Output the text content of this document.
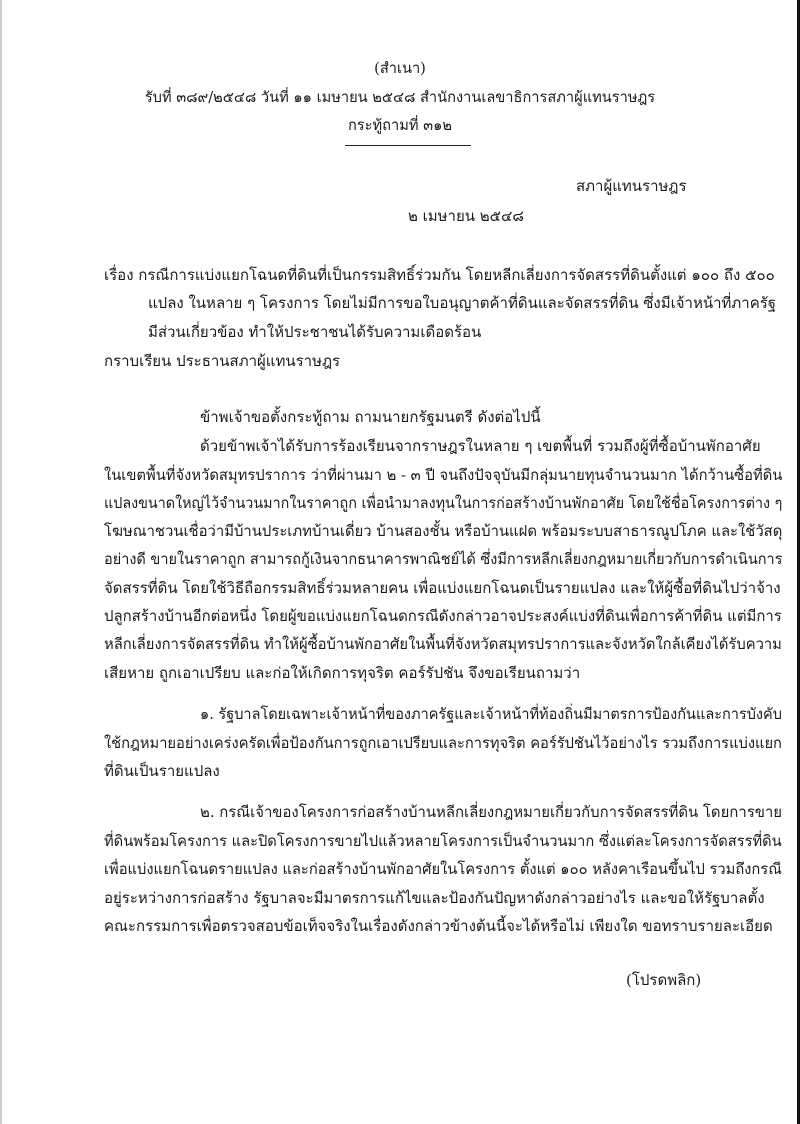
(สำเนา)
รับที่ ๓๘๙/๒๕๔๘ วันที่ ๑๑ เมษายน ๒๕๔๘ สำนักงานเลขาธิการสภาผู้แทนราษฎร
กระทู้ถามที่ ๓๑๒
สภาผู้แทนราษฎร
๒ เมษายน ๒๕๔๘
เรื่อง กรณีการแบ่งแยกโฉนดที่ดินที่เป็นกรรมสิทธิ์ร่วมกัน โดยหลีกเลี่ยงการจัดสรรที่ดินตั้งแต่ ๑๐๐ ถึง ๕๐๐
แปลง ในหลาย ๆ โครงการ โดยไม่มีการขอใบอนุญาตค้าที่ดินและจัดสรรที่ดิน ซึ่งมีเจ้าหน้าที่ภาครัฐ
มีส่วนเกี่ยวข้อง ทำให้ประชาชนได้รับความเดือดร้อน
กราบเรียน ประธานสภาผู้แทนราษฎร
ข้าพเจ้าขอตั้งกระทู้ถาม ถามนายกรัฐมนตรี ดังต่อไปนี้
ด้วยข้าพเจ้าได้รับการร้องเรียนจากราษฎรในหลาย ๆ เขตพื้นที่ รวมถึงผู้ที่ซื้อบ้านพักอาศัย
ในเขตพื้นที่จังหวัดสมุทรปราการ ว่าที่ผ่านมา ๒ - ๓ ปี จนถึงปัจจุบันมีกลุ่มนายทุนจำนวนมาก ได้กว้านซื้อที่ดิน
แปลงขนาดใหญ่ไว้จำนวนมากในราคาถูก เพื่อนำมาลงทุนในการก่อสร้างบ้านพักอาศัย โดยใช้ชื่อโครงการต่าง ๆ
โฆษณาชวนเชื่อว่ามีบ้านประเภทบ้านเดี่ยว บ้านสองชั้น หรือบ้านแฝด พร้อมระบบสาธารณูปโภค และใช้วัสดุ
อย่างดี ขายในราคาถูก สามารถกู้เงินจากธนาคารพาณิชย์ได้ ซึ่งมีการหลีกเลี่ยงกฎหมายเกี่ยวกับการดำเนินการ
จัดสรรที่ดิน โดยใช้วิธีถือกรรมสิทธิ์ร่วมหลายคน เพื่อแบ่งแยกโฉนดเป็นรายแปลง และให้ผู้ซื้อที่ดินไปว่าจ้าง
ปลูกสร้างบ้านอีกต่อหนึ่ง โดยผู้ขอแบ่งแยกโฉนดกรณีดังกล่าวอาจประสงค์แบ่งที่ดินเพื่อการค้าที่ดิน แต่มีการ
หลีกเลี่ยงการจัดสรรที่ดิน ทำให้ผู้ซื้อบ้านพักอาศัยในพื้นที่จังหวัดสมุทรปราการและจังหวัดใกล้เคียงได้รับความ
เสียหาย ถูกเอาเปรียบ และก่อให้เกิดการทุจริต คอร์รัปชัน จึงขอเรียนถามว่า
๑. รัฐบาลโดยเฉพาะเจ้าหน้าที่ของภาครัฐและเจ้าหน้าที่ท้องถิ่นมีมาตรการป้องกันและการบังคับ
ใช้กฎหมายอย่างเคร่งครัดเพื่อป้องกันการถูกเอาเปรียบและการทุจริต คอร์รัปชันไว้อย่างไร รวมถึงการแบ่งแยก
ที่ดินเป็นรายแปลง
๒. กรณีเจ้าของโครงการก่อสร้างบ้านหลีกเลี่ยงกฎหมายเกี่ยวกับการจัดสรรที่ดิน โดยการขาย
ที่ดินพร้อมโครงการ และปิดโครงการขายไปแล้วหลายโครงการเป็นจำนวนมาก ซึ่งแต่ละโครงการจัดสรรที่ดิน
เพื่อแบ่งแยกโฉนดรายแปลง และก่อสร้างบ้านพักอาศัยในโครงการ ตั้งแต่ ๑๐๐ หลังคาเรือนขึ้นไป รวมถึงกรณี
อยู่ระหว่างการก่อสร้าง รัฐบาลจะมีมาตรการแก้ไขและป้องกันปัญหาดังกล่าวอย่างไร และขอให้รัฐบาลตั้ง
คณะกรรมการเพื่อตรวจสอบข้อเท็จจริงในเรื่องดังกล่าวข้างต้นนี้จะได้หรือไม่ เพียงใด ขอทราบรายละเอียด
(โปรดพลิก)
